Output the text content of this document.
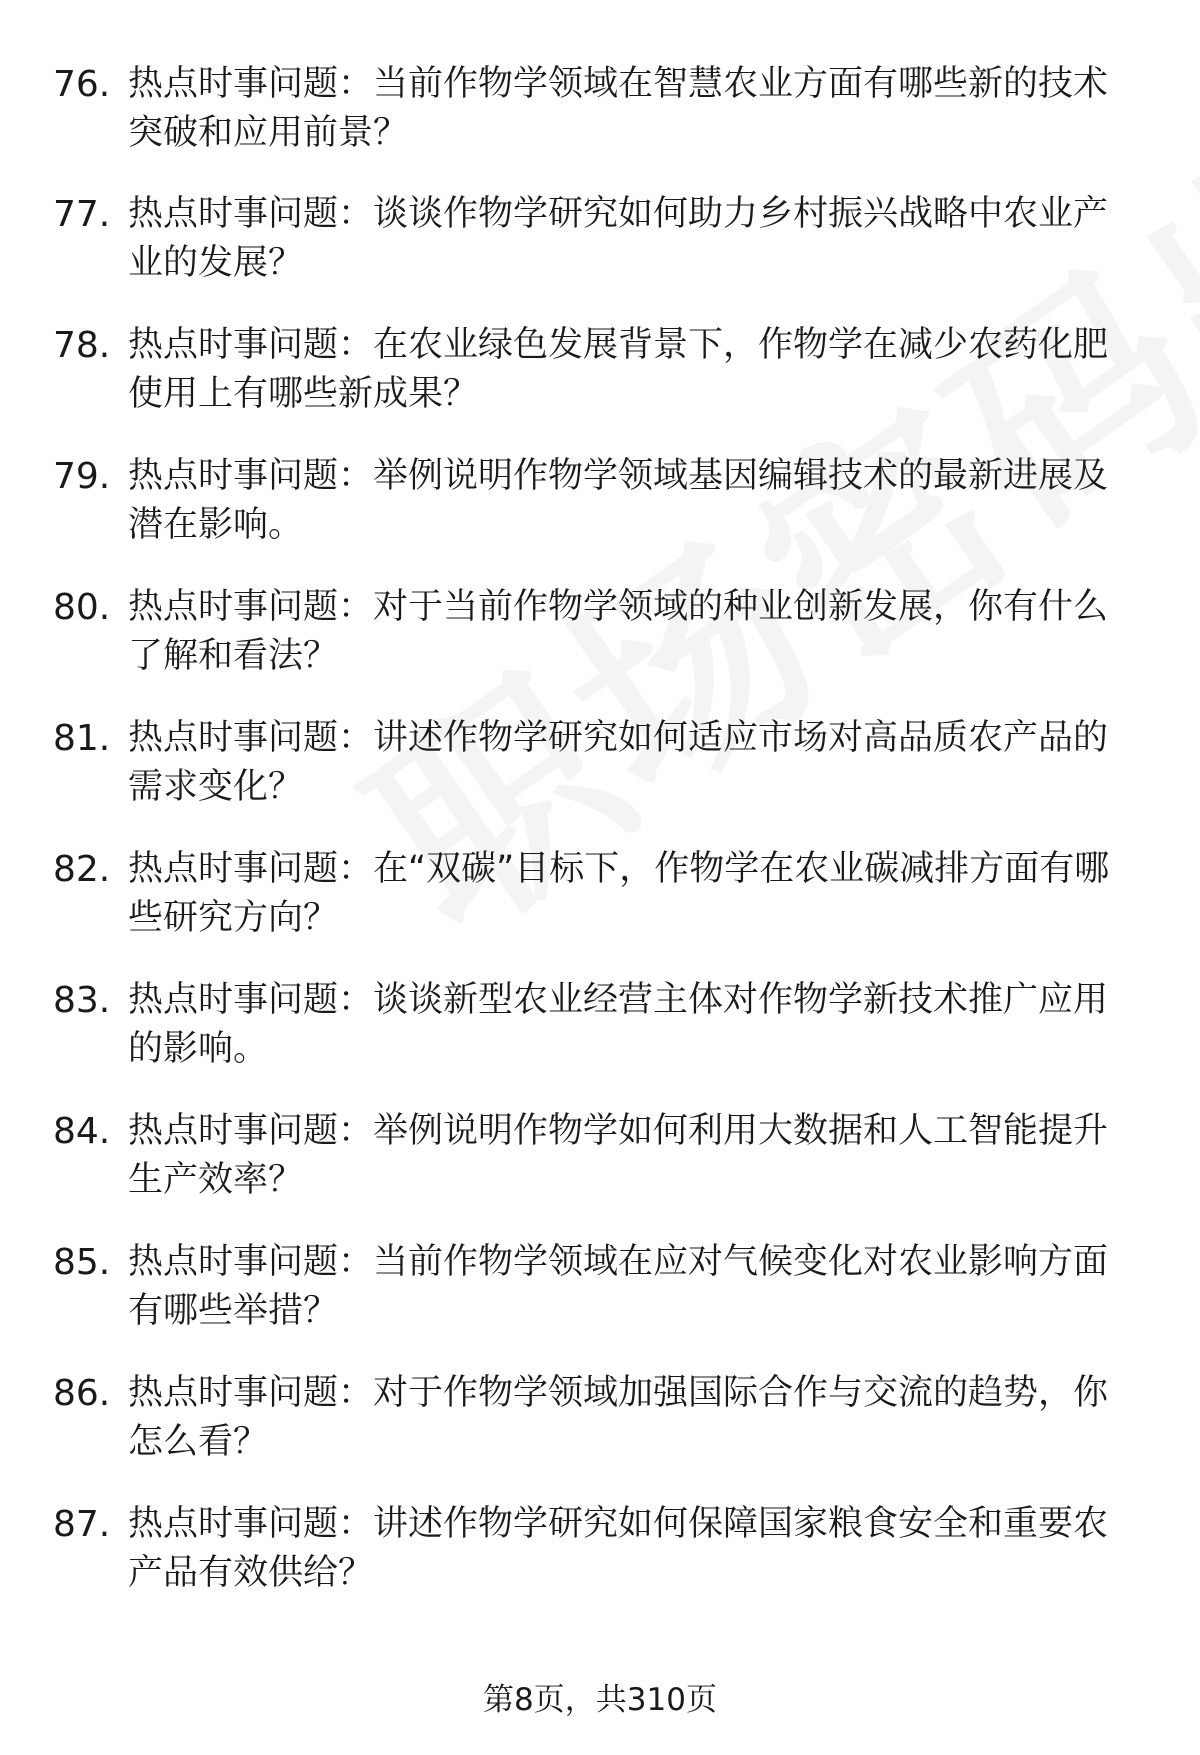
76. 热点时事问题：当前作物学领域在智慧农业方面有哪些新的技术突破和应用前景？
77. 热点时事问题：谈谈作物学研究如何助力乡村振兴战略中农业产业的发展？
78. 热点时事问题：在农业绿色发展背景下，作物学在减少农药化肥使用上有哪些新成果？
79. 热点时事问题：举例说明作物学领域基因编辑技术的最新进展及潜在影响。
80. 热点时事问题：对于当前作物学领域的种业创新发展，你有什么了解和看法？
81. 热点时事问题：讲述作物学研究如何适应市场对高品质农产品的需求变化？
82. 热点时事问题：在“双碳”目标下，作物学在农业碳减排方面有哪些研究方向？
83. 热点时事问题：谈谈新型农业经营主体对作物学新技术推广应用的影响。
84. 热点时事问题：举例说明作物学如何利用大数据和人工智能提升生产效率？
85. 热点时事问题：当前作物学领域在应对气候变化对农业影响方面有哪些举措？
86. 热点时事问题：对于作物学领域加强国际合作与交流的趋势，你怎么看？
87. 热点时事问题：讲述作物学研究如何保障国家粮食安全和重要农产品有效供给？
第8页，共310页
